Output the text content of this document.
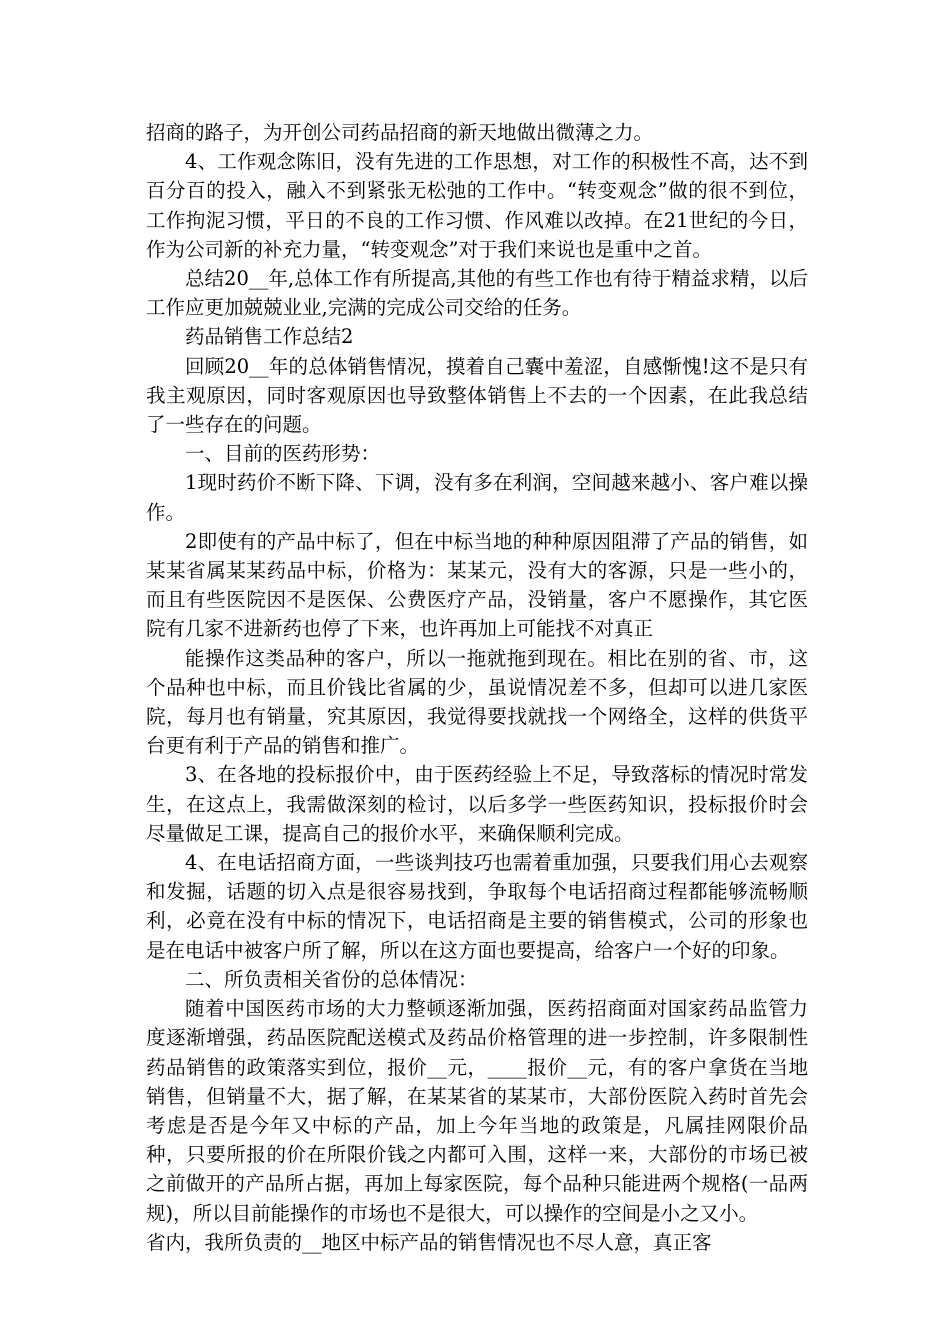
招商的路子，为开创公司药品招商的新天地做出微薄之力。

4、工作观念陈旧，没有先进的工作思想，对工作的积极性不高，达不到百分百的投入，融入不到紧张无松弛的工作中。“转变观念”做的很不到位，工作拘泥习惯，平日的不良的工作习惯、作风难以改掉。在21世纪的今日，作为公司新的补充力量，“转变观念”对于我们来说也是重中之首。

总结20__年,总体工作有所提高,其他的有些工作也有待于精益求精，以后工作应更加兢兢业业,完满的完成公司交给的任务。

药品销售工作总结2

回顾20__年的总体销售情况，摸着自己囊中羞涩，自感惭愧!这不是只有我主观原因，同时客观原因也导致整体销售上不去的一个因素，在此我总结了一些存在的问题。

一、目前的医药形势：

1现时药价不断下降、下调，没有多在利润，空间越来越小、客户难以操作。

2即使有的产品中标了，但在中标当地的种种原因阻滞了产品的销售，如某某省属某某药品中标，价格为：某某元，没有大的客源，只是一些小的，而且有些医院因不是医保、公费医疗产品，没销量，客户不愿操作，其它医院有几家不进新药也停了下来，也许再加上可能找不对真正

能操作这类品种的客户，所以一拖就拖到现在。相比在别的省、市，这个品种也中标，而且价钱比省属的少，虽说情况差不多，但却可以进几家医院，每月也有销量，究其原因，我觉得要找就找一个网络全，这样的供货平台更有利于产品的销售和推广。

3、在各地的投标报价中，由于医药经验上不足，导致落标的情况时常发生，在这点上，我需做深刻的检讨，以后多学一些医药知识，投标报价时会尽量做足工课，提高自己的报价水平，来确保顺利完成。

4、在电话招商方面，一些谈判技巧也需着重加强，只要我们用心去观察和发掘，话题的切入点是很容易找到，争取每个电话招商过程都能够流畅顺利，必竟在没有中标的情况下，电话招商是主要的销售模式，公司的形象也是在电话中被客户所了解，所以在这方面也要提高，给客户一个好的印象。

二、所负责相关省份的总体情况：

随着中国医药市场的大力整顿逐渐加强，医药招商面对国家药品监管力度逐渐增强，药品医院配送模式及药品价格管理的进一步控制，许多限制性药品销售的政策落实到位，报价__元，____报价__元，有的客户拿货在当地销售，但销量不大，据了解，在某某省的某某市，大部份医院入药时首先会考虑是否是今年又中标的产品，加上今年当地的政策是，凡属挂网限价品种，只要所报的价在所限价钱之内都可入围，这样一来，大部份的市场已被之前做开的产品所占据，再加上每家医院，每个品种只能进两个规格(一品两规)，所以目前能操作的市场也不是很大，可以操作的空间是小之又小。

省内，我所负责的__地区中标产品的销售情况也不尽人意，真正客
